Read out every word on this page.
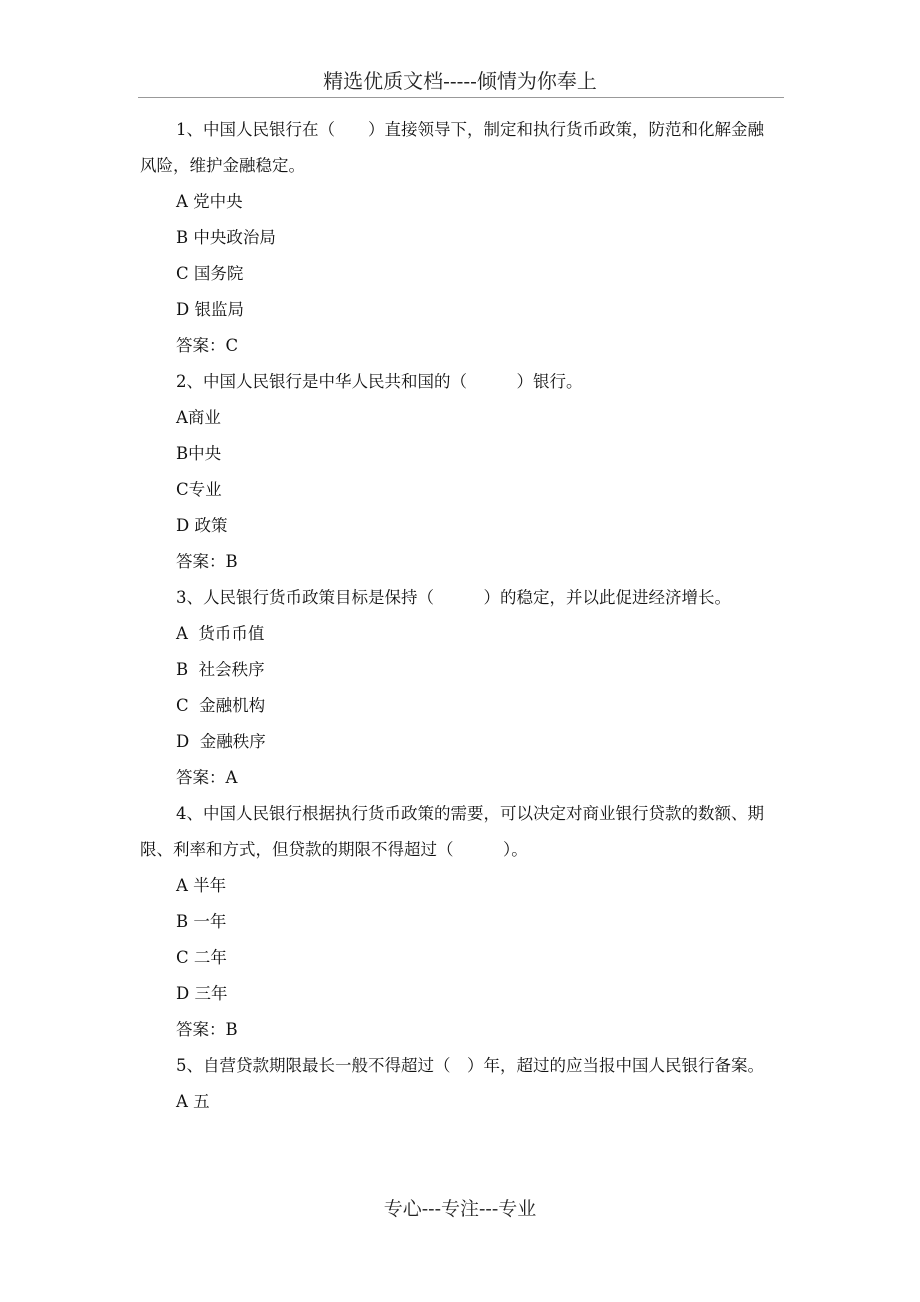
精选优质文档-----倾情为你奉上

1、中国人民银行在（　　）直接领导下，制定和执行货币政策，防范和化解金融风险，维护金融稳定。

A 党中央

B 中央政治局

C 国务院

D 银监局

答案：C

2、中国人民银行是中华人民共和国的（　　　）银行。

A商业

B中央

C专业

D 政策

答案：B

3、人民银行货币政策目标是保持（　　　）的稳定，并以此促进经济增长。

A  货币币值

B  社会秩序

C  金融机构

D  金融秩序

答案：A

4、中国人民银行根据执行货币政策的需要，可以决定对商业银行贷款的数额、期限、利率和方式，但贷款的期限不得超过（　　　）。

A 半年

B 一年

C 二年

D 三年

答案：B

5、自营贷款期限最长一般不得超过（　）年，超过的应当报中国人民银行备案。

A 五

专心---专注---专业
